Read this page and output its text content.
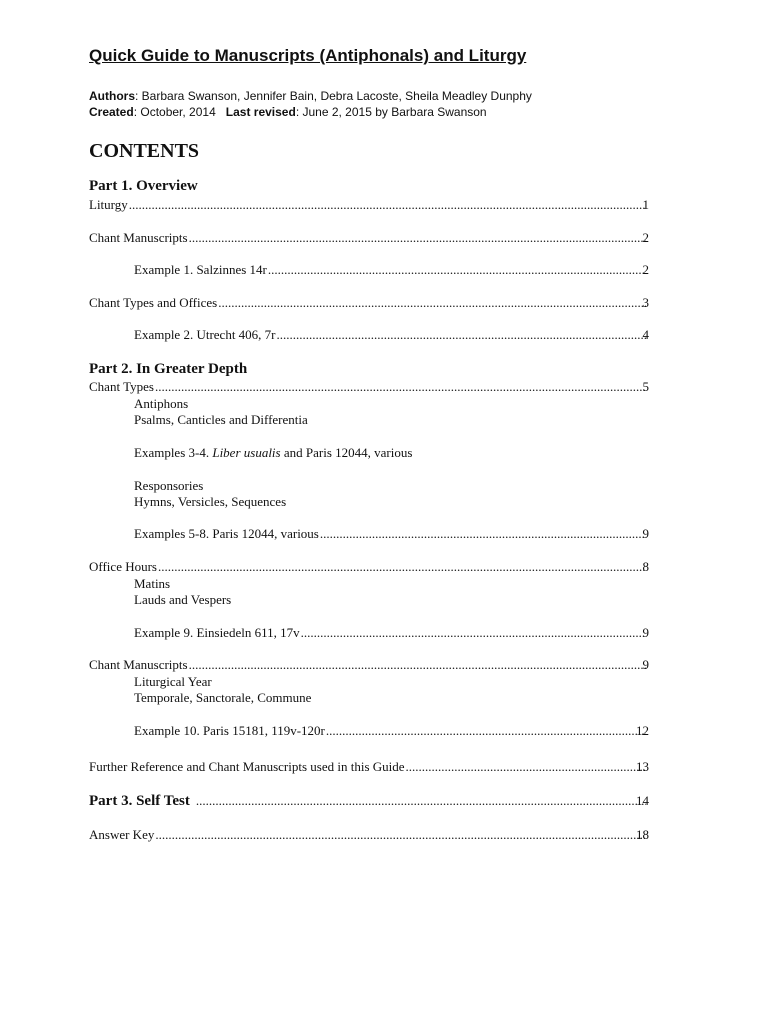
Quick Guide to Manuscripts (Antiphonals) and Liturgy
Authors: Barbara Swanson, Jennifer Bain, Debra Lacoste, Sheila Meadley Dunphy
Created: October, 2014 Last revised: June 2, 2015 by Barbara Swanson
CONTENTS
Part 1. Overview
Liturgy .....	1
Chant Manuscripts .....	2
Example 1. Salzinnes 14r .....	2
Chant Types and Offices .....	3
Example 2. Utrecht 406, 7r .....	4
Part 2. In Greater Depth
Chant Types .....	5
Antiphons
Psalms, Canticles and Differentia
Examples 3-4. Liber usualis and Paris 12044, various
Responsories
Hymns, Versicles, Sequences
Examples 5-8. Paris 12044, various .....	9
Office Hours .....	8
Matins
Lauds and Vespers
Example 9. Einsiedeln 611, 17v .....	9
Chant Manuscripts .....	9
Liturgical Year
Temporale, Sanctorale, Commune
Example 10. Paris 15181, 119v-120r .....	12
Further Reference and Chant Manuscripts used in this Guide .....	13
Part 3. Self Test .....	14
Answer Key .....	18
